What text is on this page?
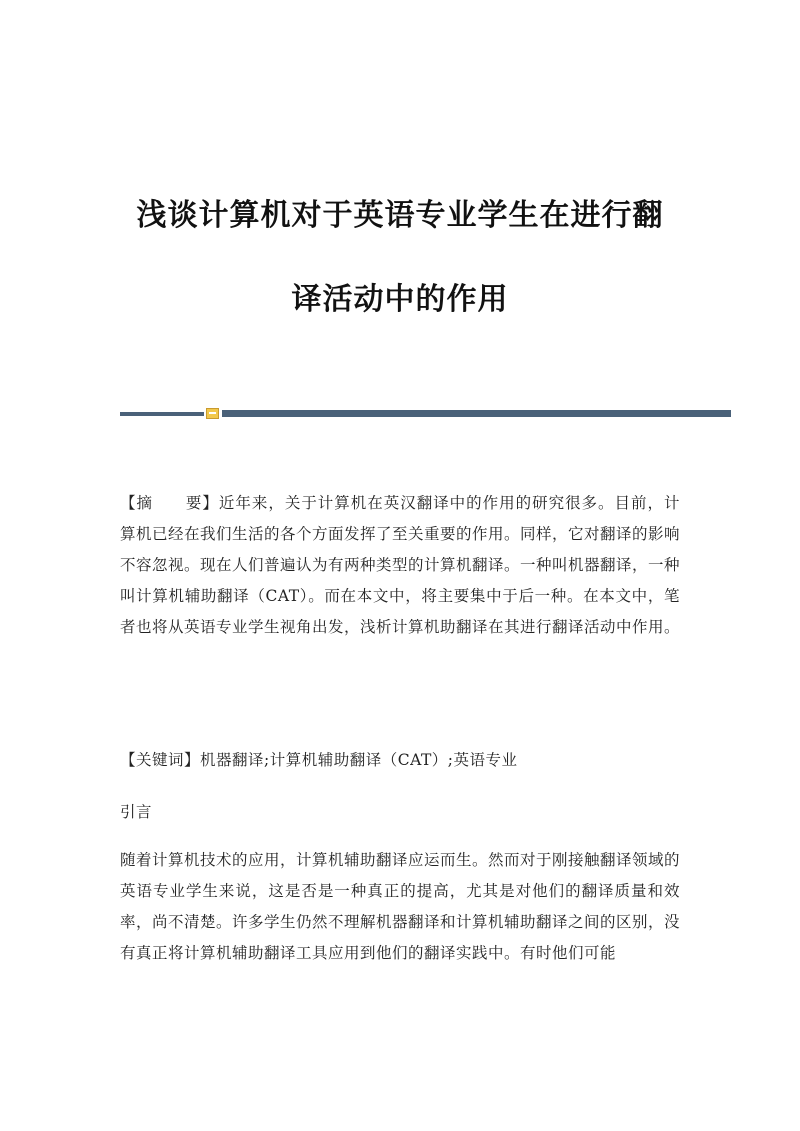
浅谈计算机对于英语专业学生在进行翻
译活动中的作用
【摘　　要】近年来，关于计算机在英汉翻译中的作用的研究很多。目前，计算机已经在我们生活的各个方面发挥了至关重要的作用。同样，它对翻译的影响不容忽视。现在人们普遍认为有两种类型的计算机翻译。一种叫机器翻译，一种叫计算机辅助翻译（CAT）。而在本文中，将主要集中于后一种。在本文中，笔者也将从英语专业学生视角出发，浅析计算机助翻译在其进行翻译活动中作用。
【关键词】机器翻译;计算机辅助翻译（CAT）;英语专业
引言
随着计算机技术的应用，计算机辅助翻译应运而生。然而对于刚接触翻译领域的英语专业学生来说，这是否是一种真正的提高，尤其是对他们的翻译质量和效率，尚不清楚。许多学生仍然不理解机器翻译和计算机辅助翻译之间的区别，没有真正将计算机辅助翻译工具应用到他们的翻译实践中。有时他们可能
